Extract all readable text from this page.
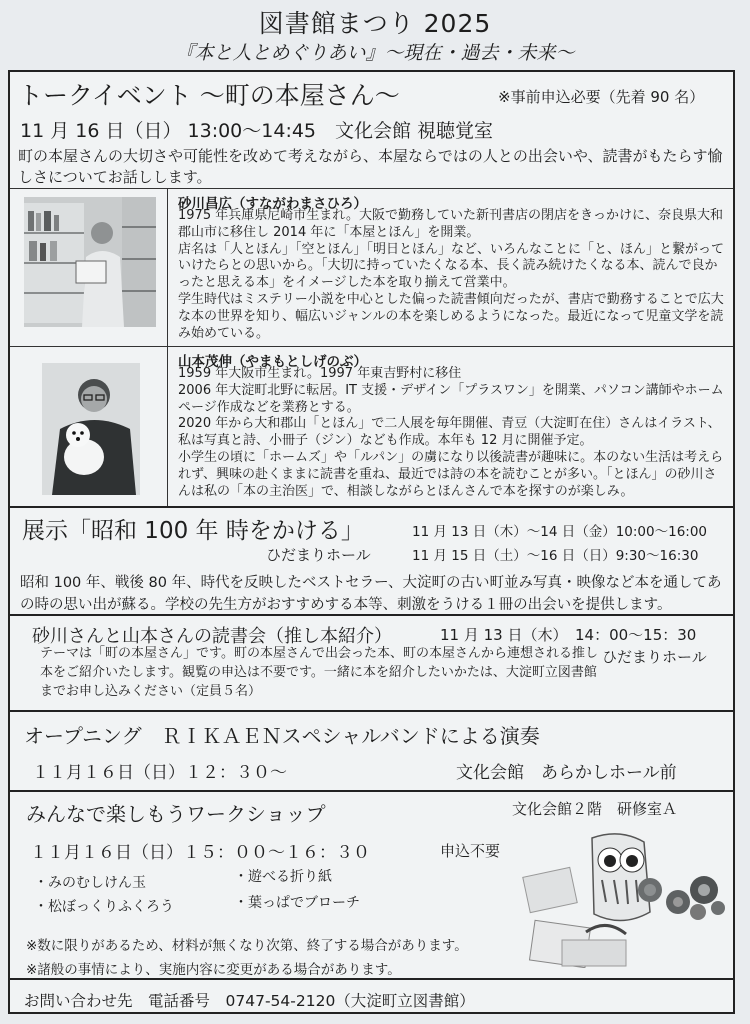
図書館まつり 2025
『本と人とめぐりあい』～現在・過去・未来～
トークイベント ～町の本屋さん～	※事前申込必要（先着 90 名）
11 月 16 日（日） 13:00～14:45　文化会館 視聴覚室
町の本屋さんの大切さや可能性を改めて考えながら、本屋ならではの人との出会いや、読書がもたらす愉しさについてお話しします。
砂川昌広（すながわまさひろ）
1975 年兵庫県尼崎市生まれ。大阪で勤務していた新刊書店の閉店をきっかけに、奈良県大和郡山市に移住し 2014 年に「本屋とほん」を開業。
店名は「人とほん」「空とほん」「明日とほん」など、いろんなことに「と、ほん」と繋がっていけたらとの思いから。「大切に持っていたくなる本、長く読み続けたくなる本、読んで良かったと思える本」をイメージした本を取り揃えて営業中。
学生時代はミステリー小説を中心とした偏った読書傾向だったが、書店で勤務することで広大な本の世界を知り、幅広いジャンルの本を楽しめるようになった。最近になって児童文学を読み始めている。
山本茂伸（やまもとしげのぶ）
1959 年大阪市生まれ。1997 年東吉野村に移住
2006 年大淀町北野に転居。IT 支援・デザイン「プラスワン」を開業、パソコン講師やホームページ作成などを業務とする。
2020 年から大和郡山「とほん」で二人展を毎年開催、青豆（大淀町在住）さんはイラスト、私は写真と詩、小冊子（ジン）なども作成。本年も 12 月に開催予定。
小学生の頃に「ホームズ」や「ルパン」の虜になり以後読書が趣味に。本のない生活は考えられず、興味の赴くままに読書を重ね、最近では詩の本を読むことが多い。「とほん」の砂川さんは私の「本の主治医」で、相談しながらとほんさんで本を探すのが楽しみ。
展示「昭和 100 年 時をかける」
ひだまりホール
11 月 13 日（木）～14 日（金）10:00～16:00
11 月 15 日（土）～16 日（日）9:30～16:30
昭和 100 年、戦後 80 年、時代を反映したベストセラー、大淀町の古い町並み写真・映像など本を通してあの時の思い出が蘇る。学校の先生方がおすすめする本等、刺激をうける１冊の出会いを提供します。
砂川さんと山本さんの読書会（推し本紹介）	11 月 13 日（木）　14：00～15：30
ひだまりホール
テーマは「町の本屋さん」です。町の本屋さんで出会った本、町の本屋さんから連想される推し本をご紹介いたします。観覧の申込は不要です。一緒に本を紹介したいかたは、大淀町立図書館までお申し込みください（定員５名）
オープニング　ＲＩＫＡＥＮスペシャルバンドによる演奏
１１月１６日（日）１２：３０～	文化会館　あらかしホール前
みんなで楽しもうワークショップ	文化会館２階　研修室Ａ
１１月１６日（日）１５：００～１６：３０	申込不要
・みのむしけん玉	・遊べる折り紙
・松ぼっくりふくろう	・葉っぱでブローチ
※数に限りがあるため、材料が無くなり次第、終了する場合があります。
※諸般の事情により、実施内容に変更がある場合があります。
お問い合わせ先　電話番号　0747-54-2120（大淀町立図書館）
